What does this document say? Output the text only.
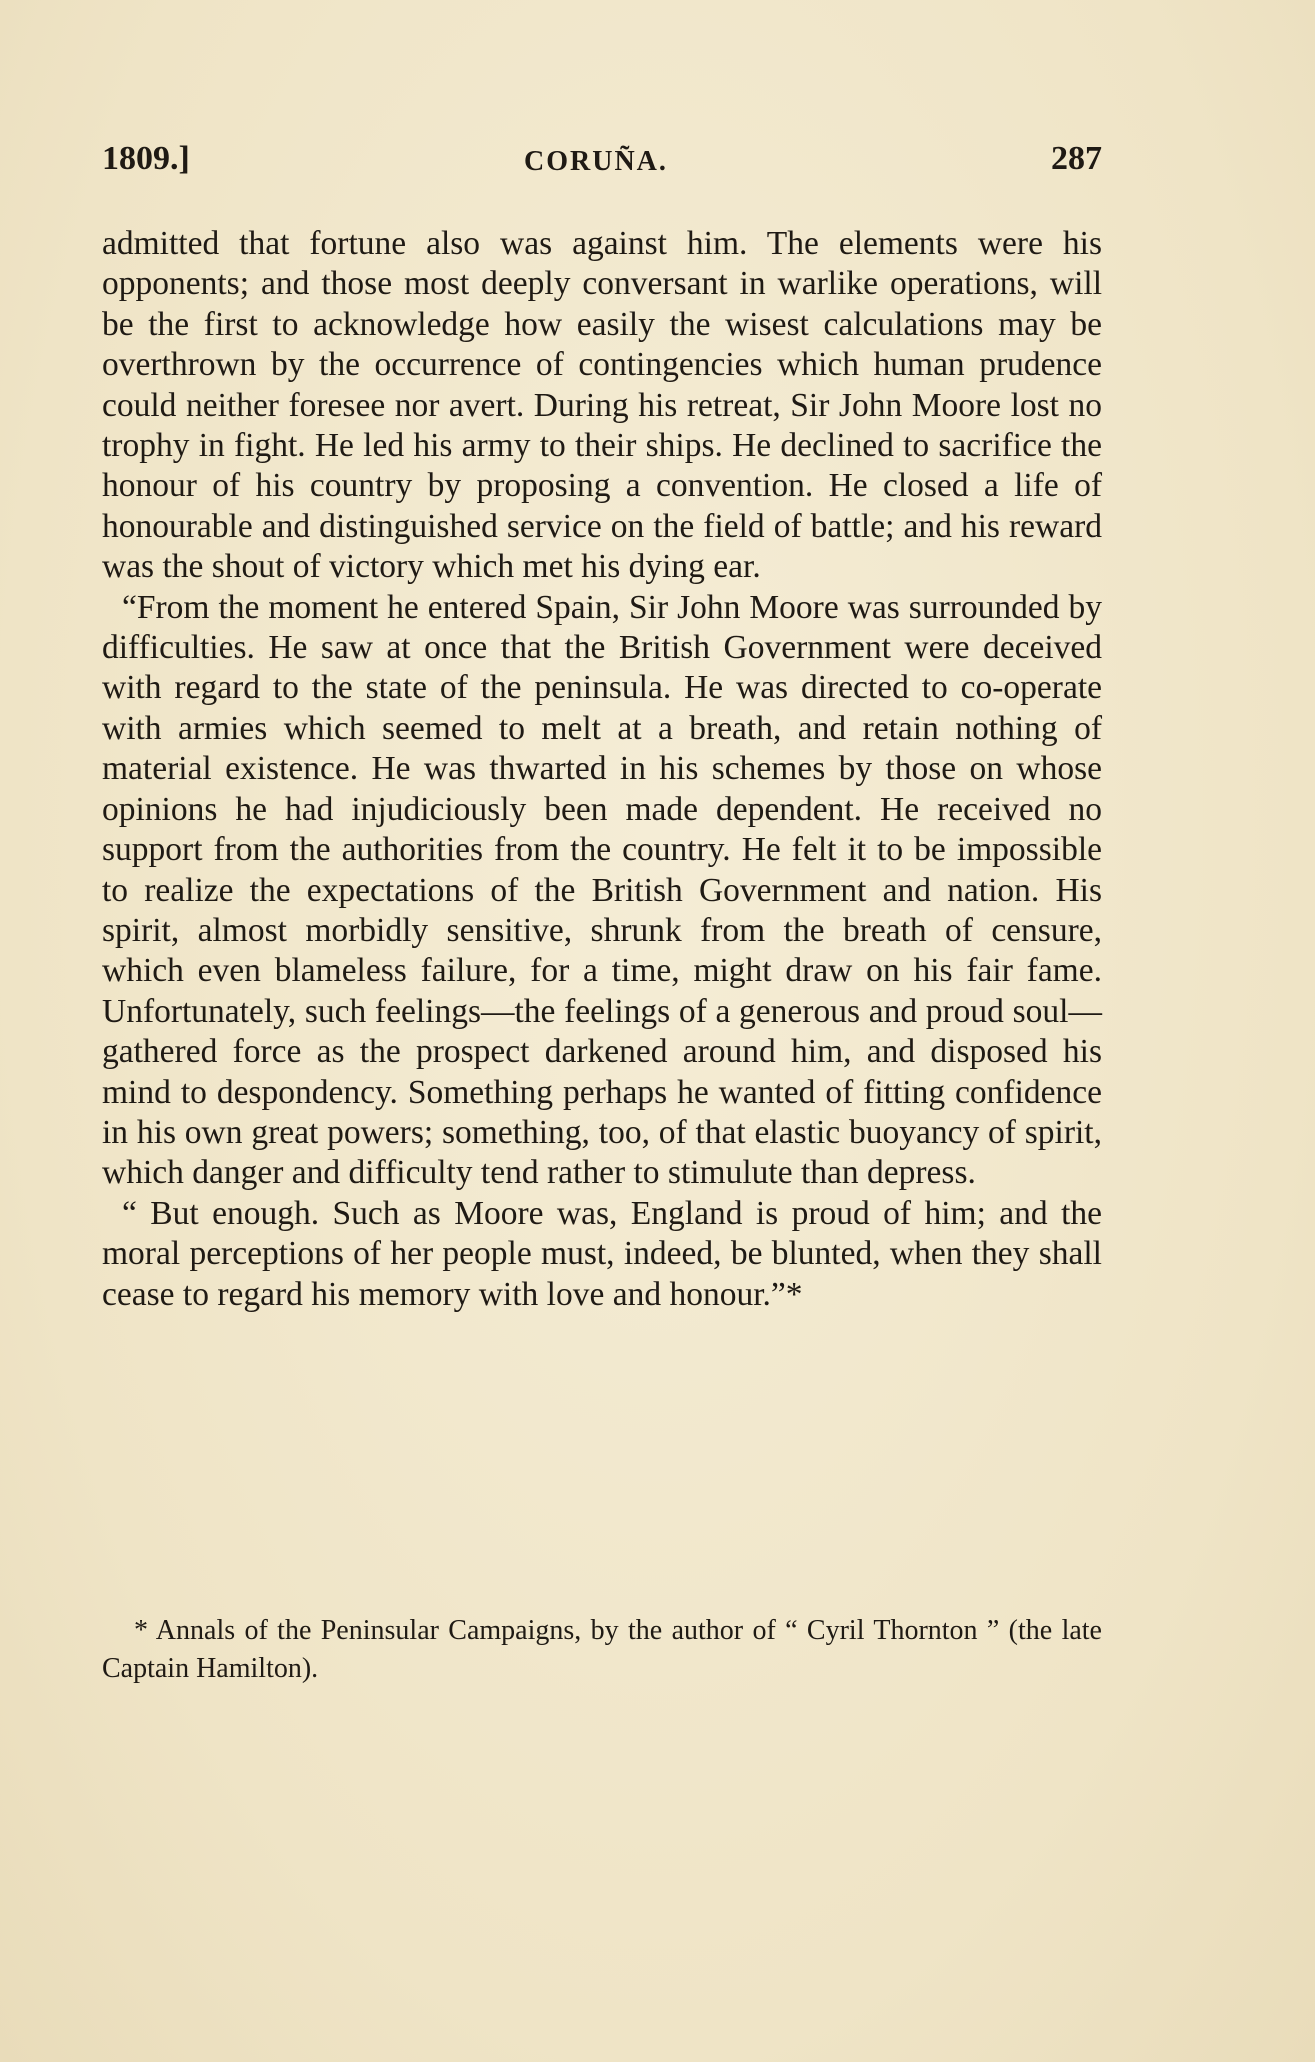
1809.]	CORUÑA.	287

admitted that fortune also was against him. The elements were his opponents; and those most deeply conversant in warlike operations, will be the first to acknowledge how easily the wisest calculations may be overthrown by the occurrence of contingencies which human prudence could neither foresee nor avert. During his retreat, Sir John Moore lost no trophy in fight. He led his army to their ships. He declined to sacrifice the honour of his country by proposing a convention. He closed a life of honourable and distinguished service on the field of battle; and his reward was the shout of victory which met his dying ear.

“From the moment he entered Spain, Sir John Moore was surrounded by difficulties. He saw at once that the British Government were deceived with regard to the state of the peninsula. He was directed to co-operate with armies which seemed to melt at a breath, and retain nothing of material existence. He was thwarted in his schemes by those on whose opinions he had injudiciously been made dependent. He received no support from the authorities from the country. He felt it to be impossible to realize the expectations of the British Government and nation. His spirit, almost morbidly sensitive, shrunk from the breath of censure, which even blameless failure, for a time, might draw on his fair fame. Unfortunately, such feelings—the feelings of a generous and proud soul—gathered force as the prospect darkened around him, and disposed his mind to despondency. Something perhaps he wanted of fitting confidence in his own great powers; something, too, of that elastic buoyancy of spirit, which danger and difficulty tend rather to stimulute than depress.

“ But enough. Such as Moore was, England is proud of him; and the moral perceptions of her people must, indeed, be blunted, when they shall cease to regard his memory with love and honour.”*

* Annals of the Peninsular Campaigns, by the author of “ Cyril Thornton ” (the late Captain Hamilton).
